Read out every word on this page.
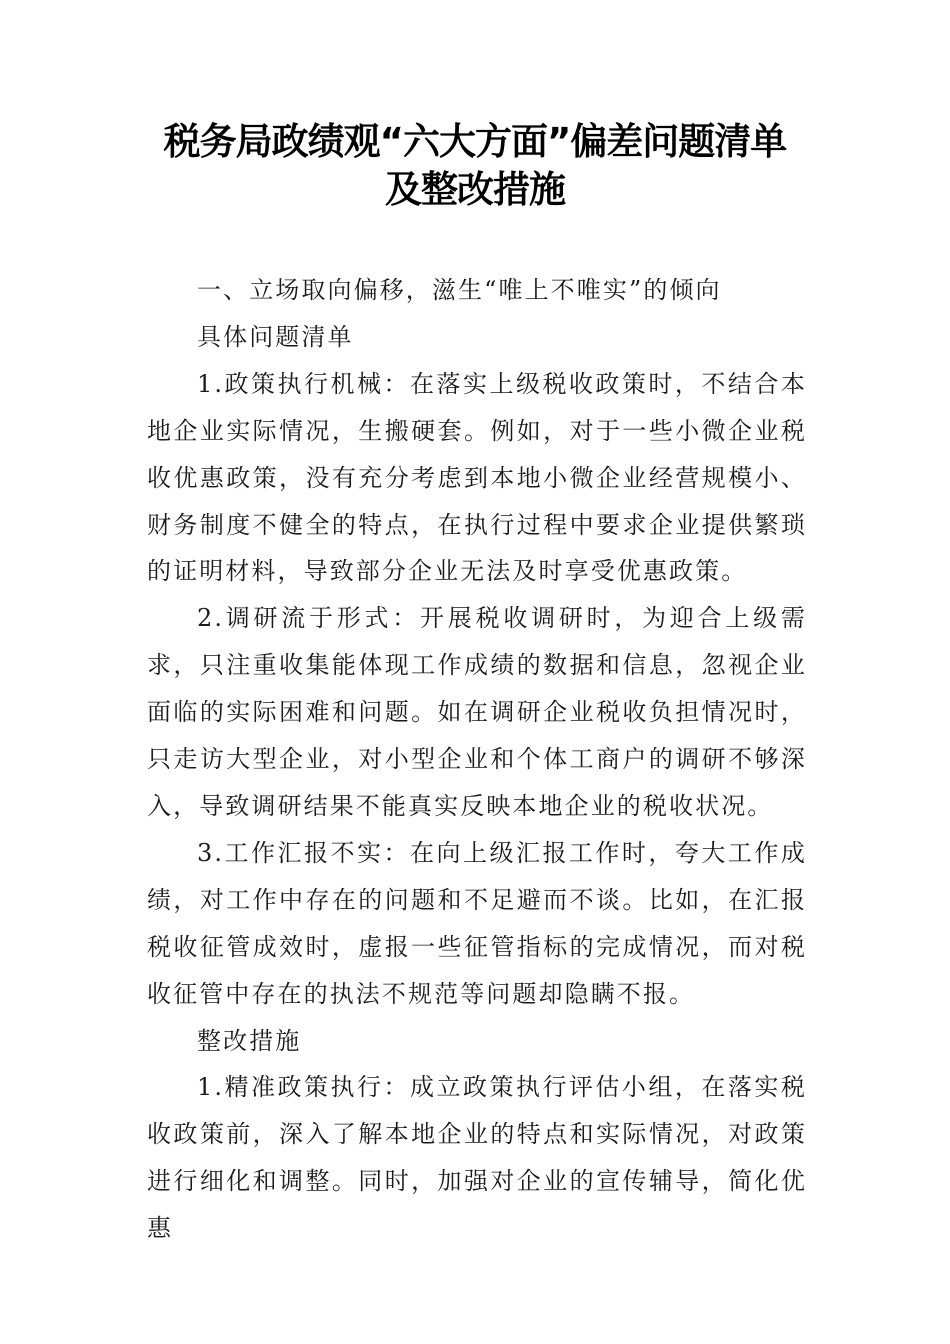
税务局政绩观“六大方面”偏差问题清单
及整改措施

一、立场取向偏移，滋生“唯上不唯实”的倾向

具体问题清单

1.政策执行机械：在落实上级税收政策时，不结合本地企业实际情况，生搬硬套。例如，对于一些小微企业税收优惠政策，没有充分考虑到本地小微企业经营规模小、财务制度不健全的特点，在执行过程中要求企业提供繁琐的证明材料，导致部分企业无法及时享受优惠政策。

2.调研流于形式：开展税收调研时，为迎合上级需求，只注重收集能体现工作成绩的数据和信息，忽视企业面临的实际困难和问题。如在调研企业税收负担情况时，只走访大型企业，对小型企业和个体工商户的调研不够深入，导致调研结果不能真实反映本地企业的税收状况。

3.工作汇报不实：在向上级汇报工作时，夸大工作成绩，对工作中存在的问题和不足避而不谈。比如，在汇报税收征管成效时，虚报一些征管指标的完成情况，而对税收征管中存在的执法不规范等问题却隐瞒不报。

整改措施

1.精准政策执行：成立政策执行评估小组，在落实税收政策前，深入了解本地企业的特点和实际情况，对政策进行细化和调整。同时，加强对企业的宣传辅导，简化优惠
